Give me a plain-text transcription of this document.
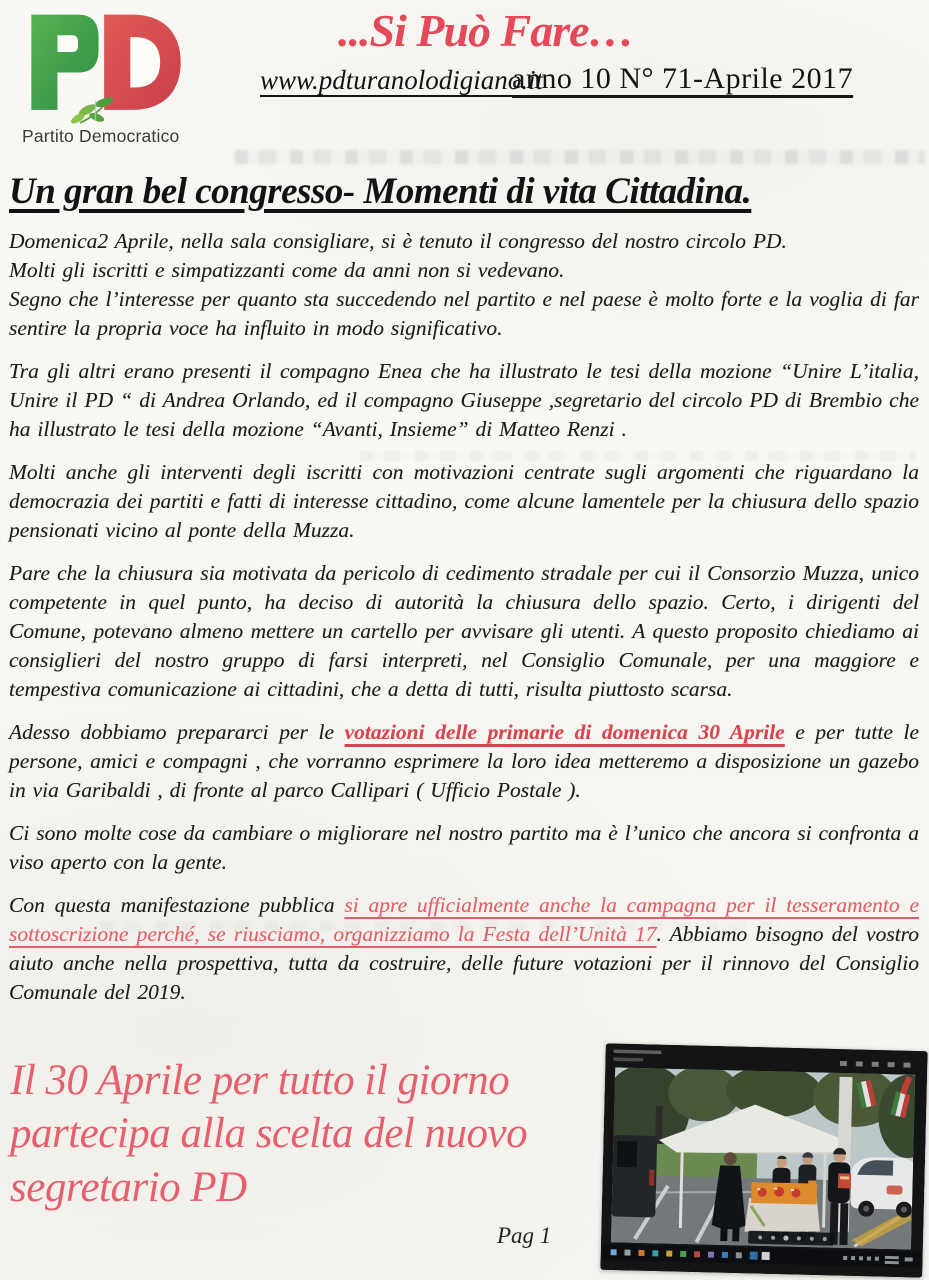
Partito Democratico
...Si Può Fare…
www.pdturanolodigiano.it
anno 10 N° 71-Aprile 2017
Un gran bel congresso- Momenti di vita Cittadina.

Domenica2 Aprile, nella sala consigliare, si è tenuto il congresso del nostro circolo PD.
Molti gli iscritti e simpatizzanti come da anni non si vedevano.
Segno che l’interesse per quanto sta succedendo nel partito e nel paese è molto forte e la voglia di far sentire la propria voce ha influito in modo significativo.

Tra gli altri erano presenti il compagno Enea che ha illustrato le tesi della mozione “Unire L’italia, Unire il PD “ di Andrea Orlando, ed il compagno Giuseppe ,segretario del circolo PD di Brembio che ha illustrato le tesi della mozione “Avanti, Insieme” di Matteo Renzi .

Molti anche gli interventi degli iscritti con motivazioni centrate sugli argomenti che riguardano la democrazia dei partiti e fatti di interesse cittadino, come alcune lamentele per la chiusura dello spazio pensionati vicino al ponte della Muzza.

Pare che la chiusura sia motivata da pericolo di cedimento stradale per cui il Consorzio Muzza, unico competente in quel punto, ha deciso di autorità la chiusura dello spazio. Certo, i dirigenti del Comune, potevano almeno mettere un cartello per avvisare gli utenti. A questo proposito chiediamo ai consiglieri del nostro gruppo di farsi interpreti, nel Consiglio Comunale, per una maggiore e tempestiva comunicazione ai cittadini, che a detta di tutti, risulta piuttosto scarsa.

Adesso dobbiamo prepararci per le votazioni delle primarie di domenica 30 Aprile e per tutte le persone, amici e compagni , che vorranno esprimere la loro idea metteremo a disposizione un gazebo in via Garibaldi , di fronte al parco Callipari ( Ufficio Postale ).

Ci sono molte cose da cambiare o migliorare nel nostro partito ma è l’unico che ancora si confronta a viso aperto con la gente.

Con questa manifestazione pubblica si apre ufficialmente anche la campagna per il tesseramento e sottoscrizione perché, se riusciamo, organizziamo la Festa dell’Unità 17. Abbiamo bisogno del vostro aiuto anche nella prospettiva, tutta da costruire, delle future votazioni per il rinnovo del Consiglio Comunale del 2019.

Il 30 Aprile per tutto il giorno partecipa alla scelta del nuovo segretario PD
Pag 1
